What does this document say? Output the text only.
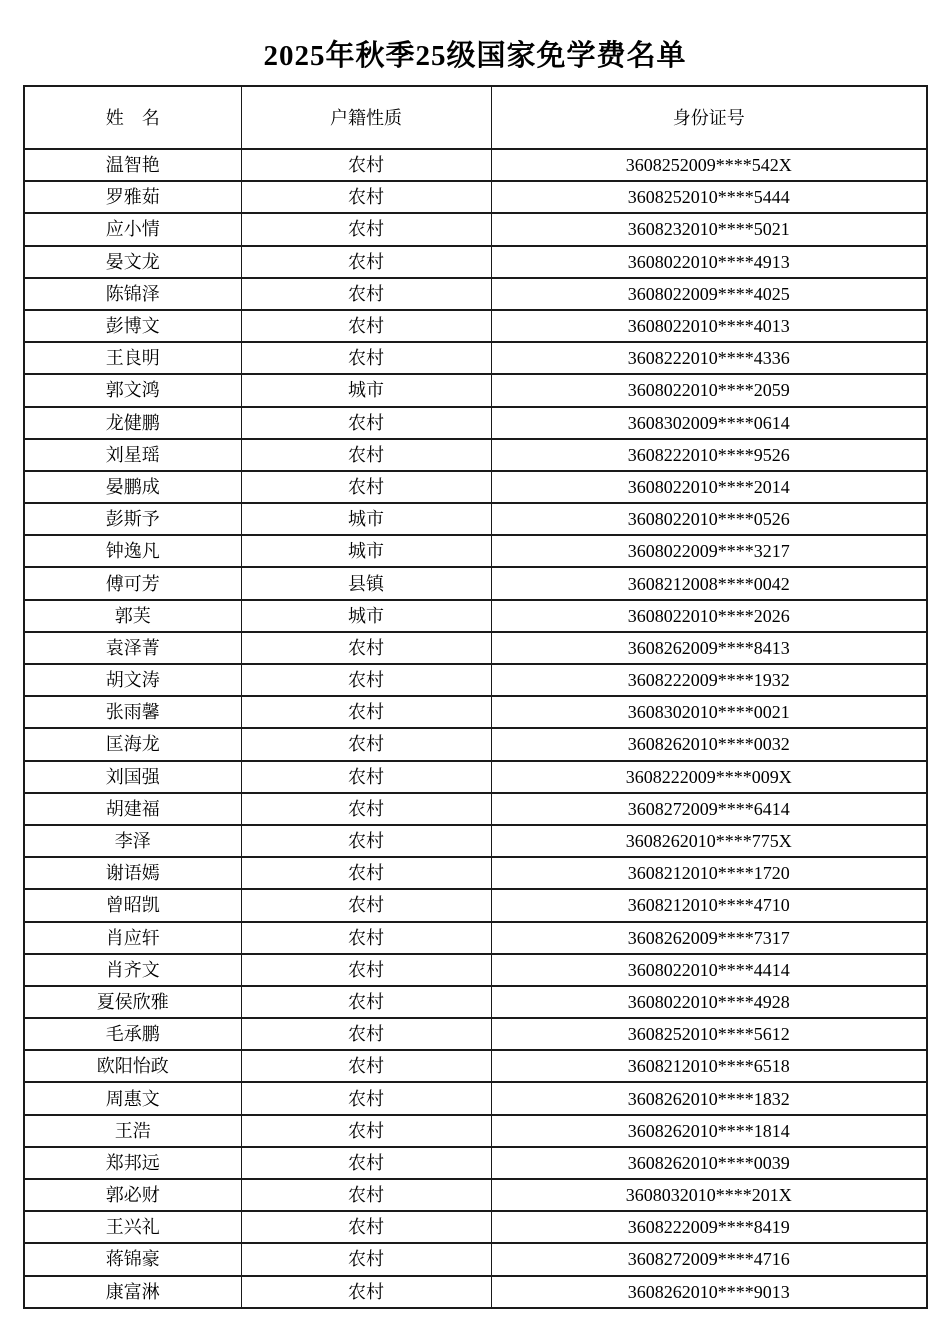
2025年秋季25级国家免学费名单
姓　名	户籍性质	身份证号
温智艳	农村	3608252009****542X
罗雅茹	农村	3608252010****5444
应小情	农村	3608232010****5021
晏文龙	农村	3608022010****4913
陈锦泽	农村	3608022009****4025
彭博文	农村	3608022010****4013
王良明	农村	3608222010****4336
郭文鸿	城市	3608022010****2059
龙健鹏	农村	3608302009****0614
刘星瑶	农村	3608222010****9526
晏鹏成	农村	3608022010****2014
彭斯予	城市	3608022010****0526
钟逸凡	城市	3608022009****3217
傅可芳	县镇	3608212008****0042
郭芙	城市	3608022010****2026
袁泽菁	农村	3608262009****8413
胡文涛	农村	3608222009****1932
张雨馨	农村	3608302010****0021
匡海龙	农村	3608262010****0032
刘国强	农村	3608222009****009X
胡建福	农村	3608272009****6414
李泽	农村	3608262010****775X
谢语嫣	农村	3608212010****1720
曾昭凯	农村	3608212010****4710
肖应轩	农村	3608262009****7317
肖齐文	农村	3608022010****4414
夏侯欣雅	农村	3608022010****4928
毛承鹏	农村	3608252010****5612
欧阳怡政	农村	3608212010****6518
周惠文	农村	3608262010****1832
王浩	农村	3608262010****1814
郑邦远	农村	3608262010****0039
郭必财	农村	3608032010****201X
王兴礼	农村	3608222009****8419
蒋锦豪	农村	3608272009****4716
康富淋	农村	3608262010****9013
